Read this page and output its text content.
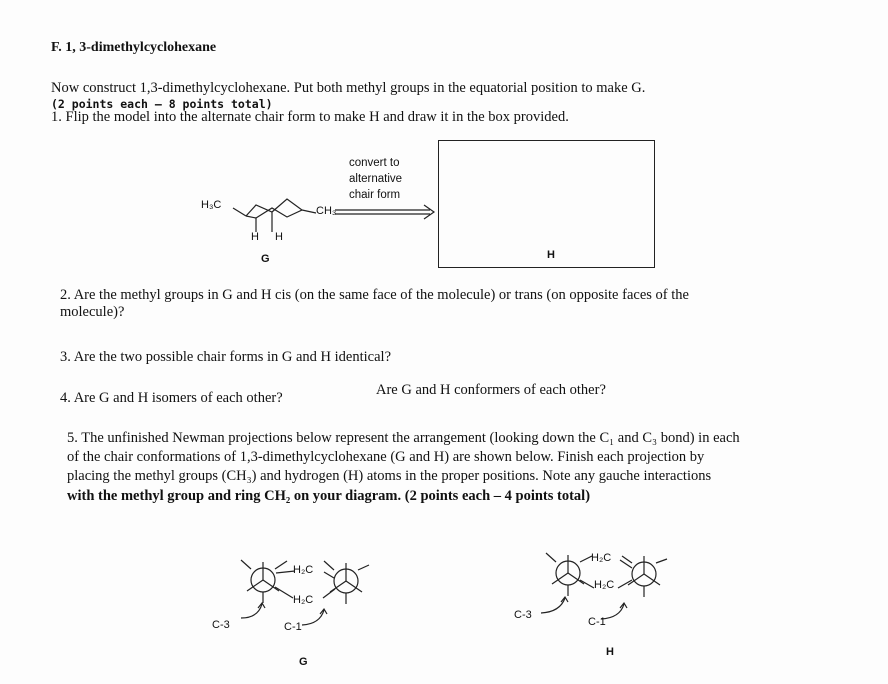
F. 1, 3-dimethylcyclohexane

Now construct 1,3-dimethylcyclohexane. Put both methyl groups in the equatorial position to make G.

(2 points each – 8 points total)

1. Flip the model into the alternate chair form to make H and draw it in the box provided.

H₃C	CH₃

H H

G

convert to

alternative

chair form

H

2. Are the methyl groups in G and H cis (on the same face of the molecule) or trans (on opposite faces of the

molecule)?

3. Are the two possible chair forms in G and H identical?

4. Are G and H isomers of each other?	Are G and H conformers of each other?

5. The unfinished Newman projections below represent the arrangement (looking down the C₁ and C₃ bond) in each

of the chair conformations of 1,3-dimethylcyclohexane (G and H) are shown below. Finish each projection by

placing the methyl groups (CH₃) and hydrogen (H) atoms in the proper positions. Note any gauche interactions

with the methyl group and ring CH₂ on your diagram. (2 points each – 4 points total)

H₂C

H₂C

C-3	C-1

G

H₂C

H₂C

C-3

C-1

H
